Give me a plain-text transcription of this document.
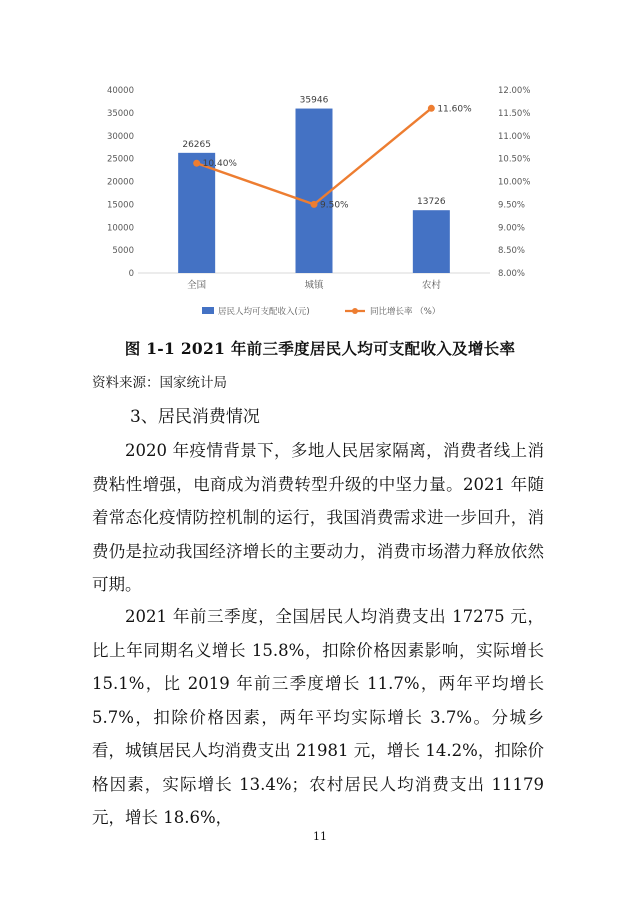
0
5000
10000
15000
20000
25000
30000
35000
40000
8.00%
8.50%
9.00%
9.50%
10.00%
10.50%
11.00%
11.50%
12.00%
26265
35946
13726
全国	城镇	农村
10.40%
9.50%
11.60%
居民人均可支配收入(元)	同比增长率 （%）
图 1-1 2021 年前三季度居民人均可支配收入及增长率
资料来源：国家统计局
3、居民消费情况

2020 年疫情背景下，多地人民居家隔离，消费者线上消费粘性增强，电商成为消费转型升级的中坚力量。2021 年随着常态化疫情防控机制的运行，我国消费需求进一步回升，消费仍是拉动我国经济增长的主要动力，消费市场潜力释放依然可期。

2021 年前三季度，全国居民人均消费支出 17275 元，比上年同期名义增长 15.8%，扣除价格因素影响，实际增长 15.1%，比 2019 年前三季度增长 11.7%，两年平均增长 5.7%，扣除价格因素，两年平均实际增长 3.7%。分城乡看，城镇居民人均消费支出 21981 元，增长 14.2%，扣除价格因素，实际增长 13.4%；农村居民人均消费支出 11179 元，增长 18.6%，

11
